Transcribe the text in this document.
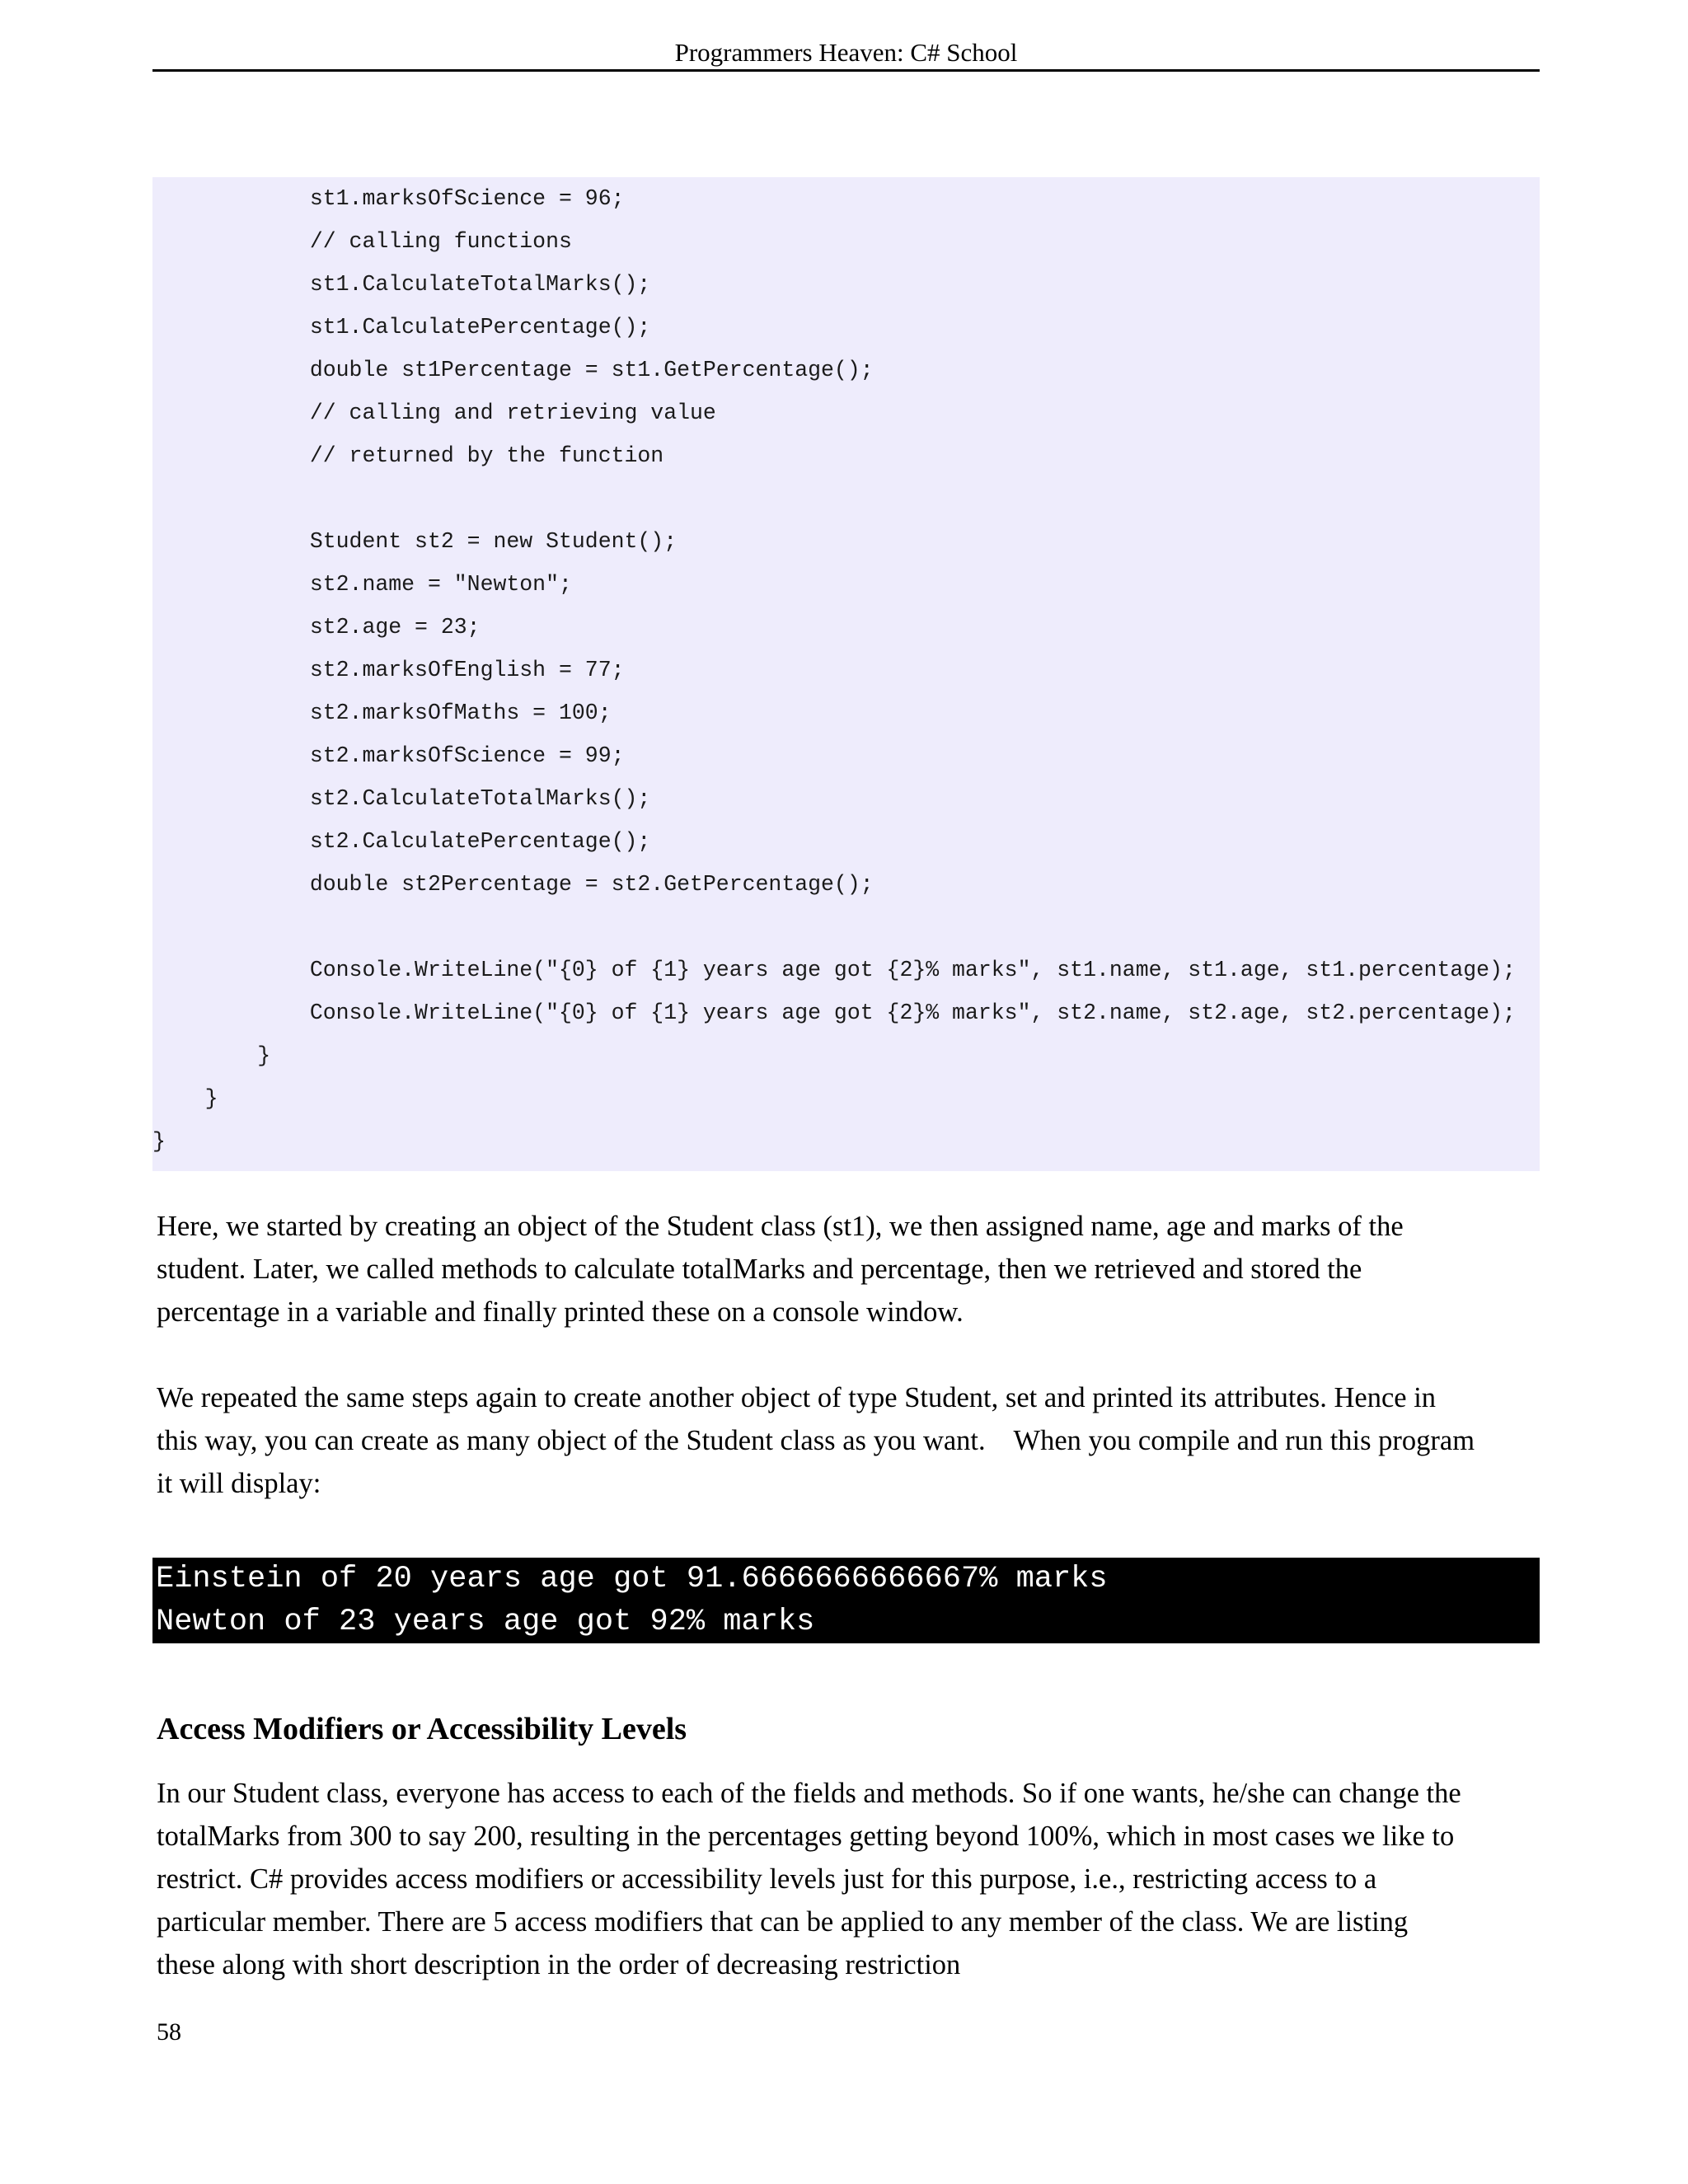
Programmers Heaven: C# School
st1.marksOfScience = 96;
// calling functions
st1.CalculateTotalMarks();
st1.CalculatePercentage();
double st1Percentage = st1.GetPercentage();
// calling and retrieving value
// returned by the function
Student st2 = new Student();
st2.name = "Newton";
st2.age = 23;
st2.marksOfEnglish = 77;
st2.marksOfMaths = 100;
st2.marksOfScience = 99;
st2.CalculateTotalMarks();
st2.CalculatePercentage();
double st2Percentage = st2.GetPercentage();
Console.WriteLine("{0} of {1} years age got {2}% marks", st1.name, st1.age, st1.percentage);
Console.WriteLine("{0} of {1} years age got {2}% marks", st2.name, st2.age, st2.percentage);
}
}
}
Here, we started by creating an object of the Student class (st1), we then assigned name, age and marks of the
student. Later, we called methods to calculate totalMarks and percentage, then we retrieved and stored the
percentage in a variable and finally printed these on a console window.
We repeated the same steps again to create another object of type Student, set and printed its attributes. Hence in
this way, you can create as many object of the Student class as you want.    When you compile and run this program
it will display:
Einstein of 20 years age got 91.6666666666667% marks
Newton of 23 years age got 92% marks
Access Modifiers or Accessibility Levels
In our Student class, everyone has access to each of the fields and methods. So if one wants, he/she can change the
totalMarks from 300 to say 200, resulting in the percentages getting beyond 100%, which in most cases we like to
restrict. C# provides access modifiers or accessibility levels just for this purpose, i.e., restricting access to a
particular member. There are 5 access modifiers that can be applied to any member of the class. We are listing
these along with short description in the order of decreasing restriction
58
